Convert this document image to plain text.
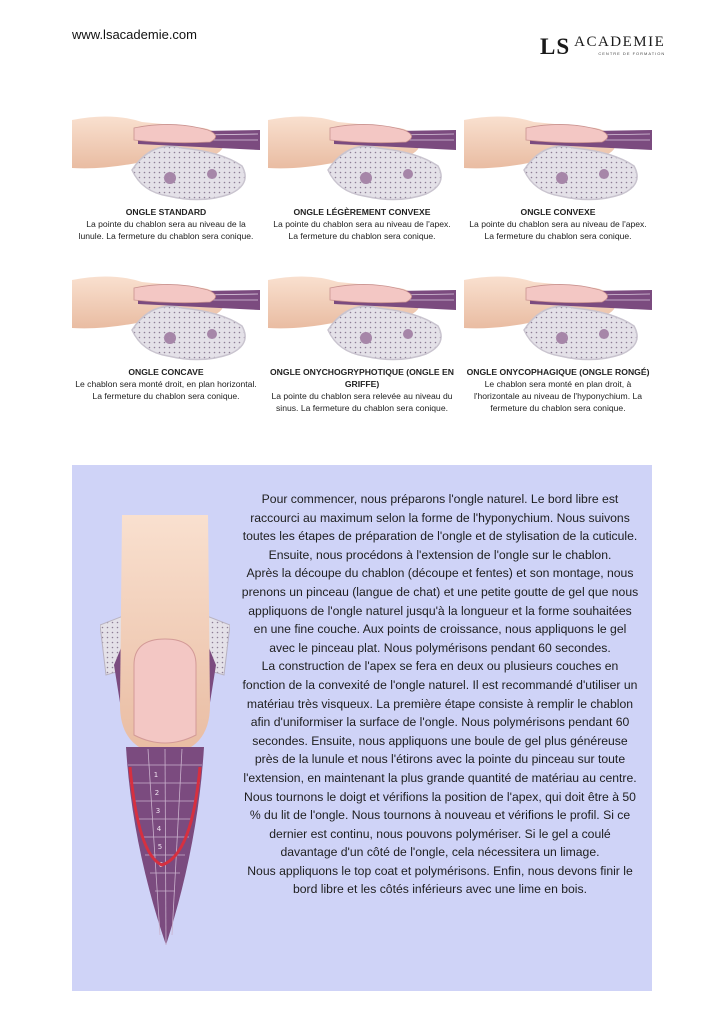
www.lsacademie.com	LS ACADEMIE
CENTRE DE FORMATION
ONGLE STANDARD
La pointe du chablon sera au niveau de la lunule. La fermeture du chablon sera conique.
ONGLE LÉGÈREMENT CONVEXE
La pointe du chablon sera au niveau de l'apex. La fermeture du chablon sera conique.
ONGLE CONVEXE
La pointe du chablon sera au niveau de l'apex. La fermeture du chablon sera conique.
ONGLE CONCAVE
Le chablon sera monté droit, en plan horizontal. La fermeture du chablon sera conique.
ONGLE ONYCHOGRYPHOTIQUE (ONGLE EN GRIFFE)
La pointe du chablon sera relevée au niveau du sinus. La fermeture du chablon sera conique.
ONGLE ONYCOPHAGIQUE (ONGLE RONGÉ)
Le chablon sera monté en plan droit, à l'horizontale au niveau de l'hyponychium. La fermeture du chablon sera conique.
1
2
3
4
5
6

Pour commencer, nous préparons l'ongle naturel. Le bord libre est raccourci au maximum selon la forme de l'hyponychium. Nous suivons toutes les étapes de préparation de l'ongle et de stylisation de la cuticule. Ensuite, nous procédons à l'extension de l'ongle sur le chablon.

Après la découpe du chablon (découpe et fentes) et son montage, nous prenons un pinceau (langue de chat) et une petite goutte de gel que nous appliquons de l'ongle naturel jusqu'à la longueur et la forme souhaitées en une fine couche. Aux points de croissance, nous appliquons le gel avec le pinceau plat. Nous polymérisons pendant 60 secondes.

La construction de l'apex se fera en deux ou plusieurs couches en fonction de la convexité de l'ongle naturel. Il est recommandé d'utiliser un matériau très visqueux. La première étape consiste à remplir le chablon afin d'uniformiser la surface de l'ongle. Nous polymérisons pendant 60 secondes. Ensuite, nous appliquons une boule de gel plus généreuse près de la lunule et nous l'étirons avec la pointe du pinceau sur toute l'extension, en maintenant la plus grande quantité de matériau au centre. Nous tournons le doigt et vérifions la position de l'apex, qui doit être à 50 % du lit de l'ongle. Nous tournons à nouveau et vérifions le profil. Si ce dernier est continu, nous pouvons polymériser. Si le gel a coulé davantage d'un côté de l'ongle, cela nécessitera un limage.

Nous appliquons le top coat et polymérisons. Enfin, nous devons finir le bord libre et les côtés inférieurs avec une lime en bois.
